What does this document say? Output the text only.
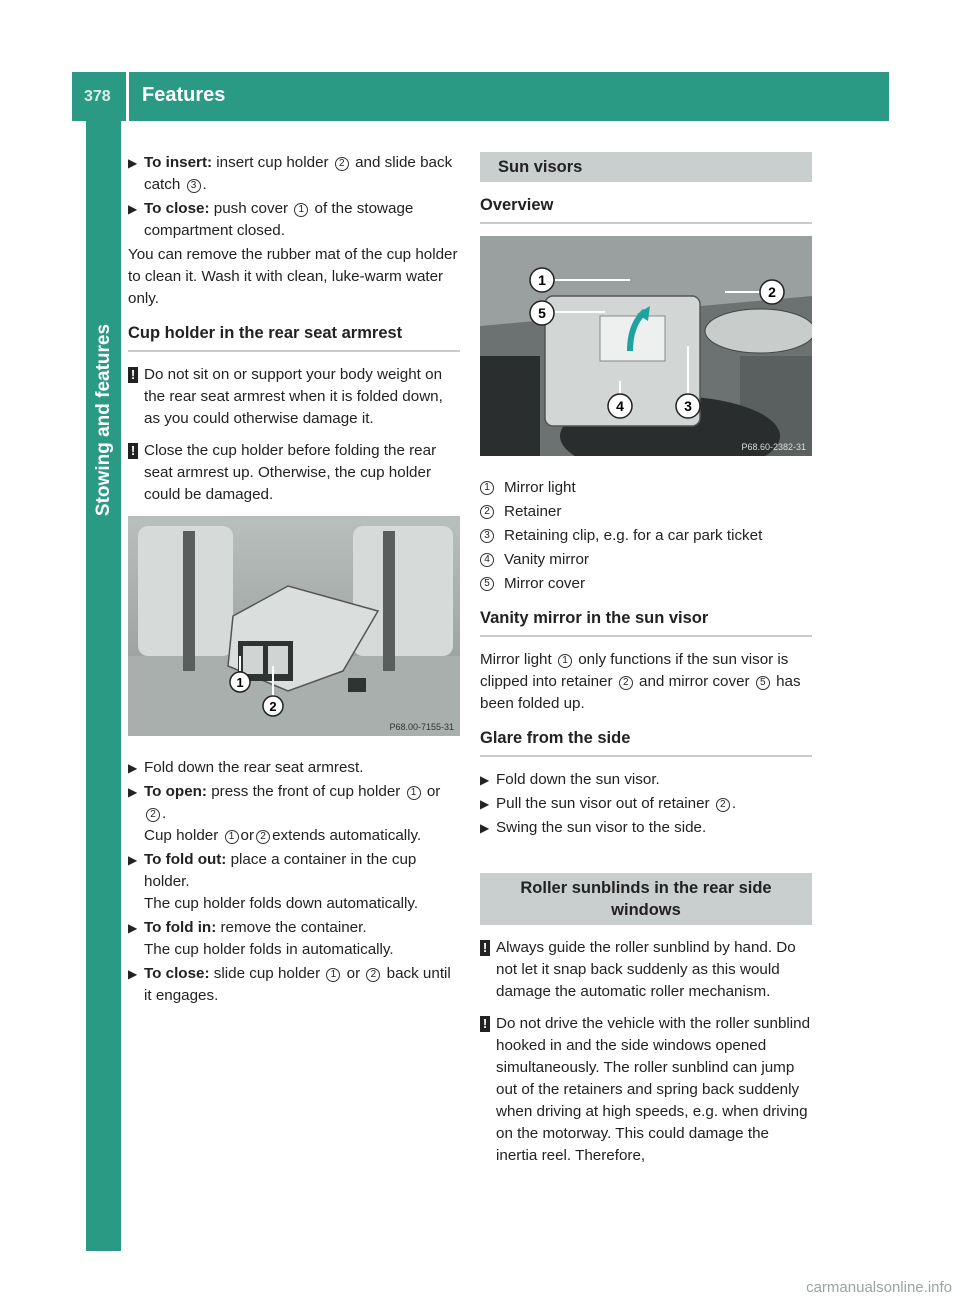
378 Features
Stowing and features
▶ To insert: insert cup holder 2 and slide back catch 3 .
▶ To close: push cover 1 of the stowage compartment closed.

You can remove the rubber mat of the cup holder to clean it. Wash it with clean, luke-warm water only.

Cup holder in the rear seat armrest
! Do not sit on or support your body weight on the rear seat armrest when it is folded down, as you could otherwise damage it.
! Close the cup holder before folding the rear seat armrest up. Otherwise, the cup holder could be damaged.
1
2
P68.00-7155-31
▶ Fold down the rear seat armrest.
▶ To open: press the front of cup holder 1 or 2 .
Cup holder 1 or 2 extends automatically.
▶ To fold out: place a container in the cup holder.
The cup holder folds down automatically.
▶ To fold in: remove the container.
The cup holder folds in automatically.
▶ To close: slide cup holder 1 or 2 back until it engages.
Sun visors
Overview
1
2
5
4	3
P68.60-2382-31
1 Mirror light
2 Retainer
3 Retaining clip, e.g. for a car park ticket
4 Vanity mirror
5 Mirror cover
Vanity mirror in the sun visor

Mirror light 1 only functions if the sun visor is clipped into retainer 2 and mirror cover 5 has been folded up.

Glare from the side
▶ Fold down the sun visor.
▶ Pull the sun visor out of retainer 2 .
▶ Swing the sun visor to the side.
Roller sunblinds in the rear side windows
! Always guide the roller sunblind by hand. Do not let it snap back suddenly as this would damage the automatic roller mechanism.
! Do not drive the vehicle with the roller sunblind hooked in and the side windows opened simultaneously. The roller sunblind can jump out of the retainers and spring back suddenly when driving at high speeds, e.g. when driving on the motorway. This could damage the inertia reel. Therefore,
carmanualsonline.info
